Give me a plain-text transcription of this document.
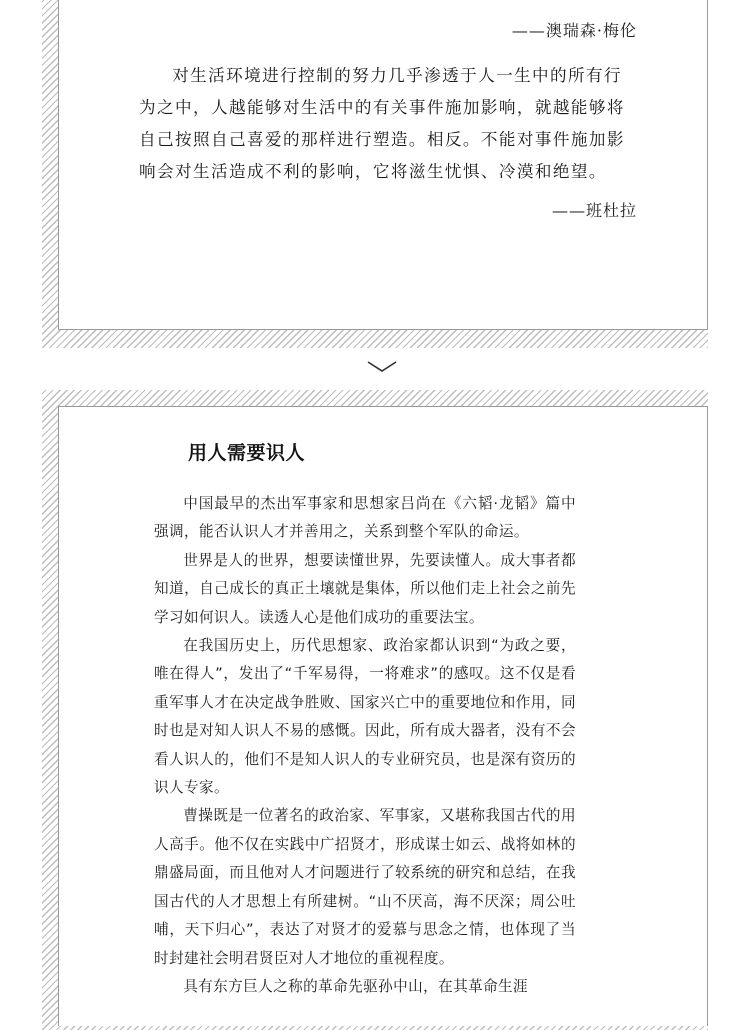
——澳瑞森·梅伦

对生活环境进行控制的努力几乎渗透于人一生中的所有行为之中，人越能够对生活中的有关事件施加影响，就越能够将自己按照自己喜爱的那样进行塑造。相反。不能对事件施加影响会对生活造成不利的影响，它将滋生忧惧、冷漠和绝望。

——班杜拉
用人需要识人

中国最早的杰出军事家和思想家吕尚在《六韬·龙韬》篇中强调，能否认识人才并善用之，关系到整个军队的命运。

世界是人的世界，想要读懂世界，先要读懂人。成大事者都知道，自己成长的真正土壤就是集体，所以他们走上社会之前先学习如何识人。读透人心是他们成功的重要法宝。

在我国历史上，历代思想家、政治家都认识到“为政之要，唯在得人”，发出了“千军易得，一将难求”的感叹。这不仅是看重军事人才在决定战争胜败、国家兴亡中的重要地位和作用，同时也是对知人识人不易的感慨。因此，所有成大器者，没有不会看人识人的，他们不是知人识人的专业研究员，也是深有资历的识人专家。

曹操既是一位著名的政治家、军事家，又堪称我国古代的用人高手。他不仅在实践中广招贤才，形成谋士如云、战将如林的鼎盛局面，而且他对人才问题进行了较系统的研究和总结，在我国古代的人才思想上有所建树。“山不厌高，海不厌深；周公吐哺，天下归心”，表达了对贤才的爱慕与思念之情，也体现了当时封建社会明君贤臣对人才地位的重视程度。

具有东方巨人之称的革命先驱孙中山，在其革命生涯
